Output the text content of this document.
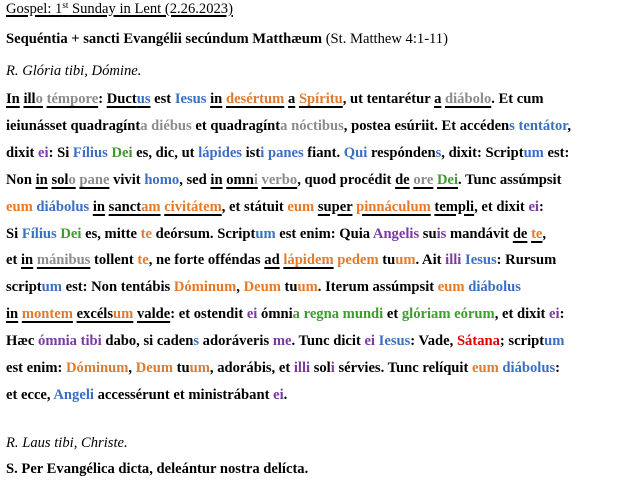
Gospel: 1st Sunday in Lent (2.26.2023)
Sequéntia + sancti Evangélii secúndum Matthæum (St. Matthew 4:1-11)
R. Glória tibi, Dómine.
In illo témpore: Ductus est Iesus in desértum a Spíritu, ut tentarétur a diábolo. Et cum
ieiunásset quadragínta diébus et quadragínta nóctibus, postea esúriit. Et accédens tentátor,
dixit ei: Si Fílius Dei es, dic, ut lápides isti panes fiant. Qui respóndens, dixit: Scriptum est:
Non in solo pane vivit homo, sed in omni verbo, quod procédit de ore Dei. Tunc assúmpsit
eum diábolus in sanctam civitátem, et státuit eum super pinnáculum templi, et dixit ei:
Si Fílius Dei es, mitte te deórsum. Scriptum est enim: Quia Angelis suis mandávit de te,
et in mánibus tollent te, ne forte offéndas ad lápidem pedem tuum. Ait illi Iesus: Rursum
scriptum est: Non tentábis Dóminum, Deum tuum. Iterum assúmpsit eum diábolus
in montem excélsum valde: et ostendit ei ómnia regna mundi et glóriam eórum, et dixit ei:
Hæc ómnia tibi dabo, si cadens adoráveris me. Tunc dicit ei Iesus: Vade, Sátana; scriptum
est enim: Dóminum, Deum tuum, adorábis, et illi soli sérvies. Tunc relíquit eum diábolus:
et ecce, Angeli accessérunt et ministrábant ei.
R. Laus tibi, Christe.
S. Per Evangélica dicta, deleántur nostra delícta.
